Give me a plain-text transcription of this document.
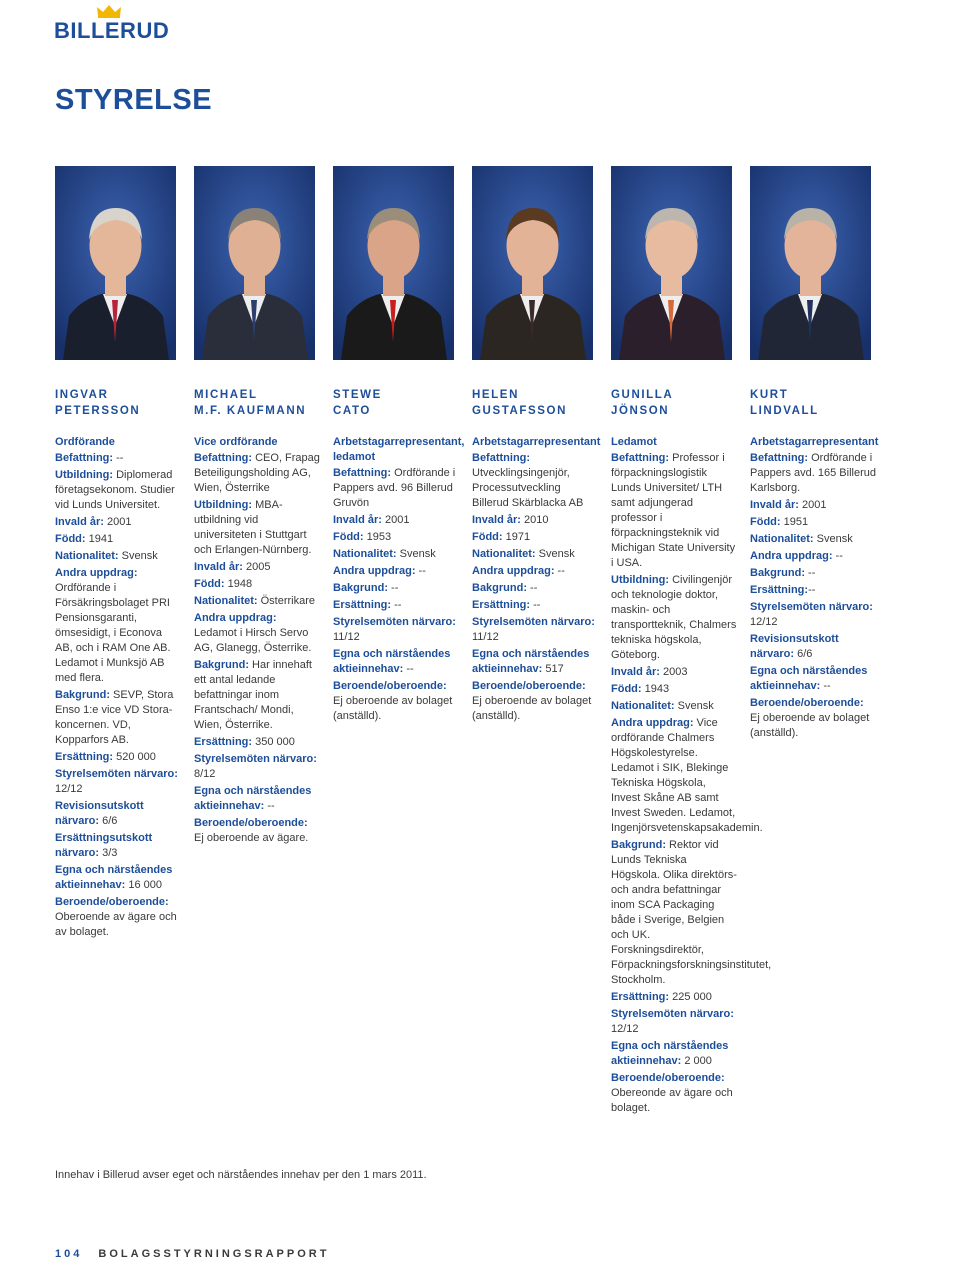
BILLERUD
STYRELSE
INGVAR
PETERSSON
Ordförande
Befattning: --
Utbildning: Diplomerad företagsekonom. Studier vid Lunds Universitet.
Invald år: 2001
Född: 1941
Nationalitet: Svensk
Andra uppdrag: Ordförande i Försäkringsbolaget PRI Pensionsgaranti, ömsesidigt, i Econova AB, och i RAM One AB. Ledamot i Munksjö AB med flera.
Bakgrund: SEVP, Stora Enso 1:e vice VD Stora-koncernen. VD, Kopparfors AB.
Ersättning: 520 000
Styrelsemöten närvaro: 12/12
Revisionsutskott närvaro: 6/6
Ersättningsutskott närvaro: 3/3
Egna och närståendes aktieinnehav: 16 000
Beroende/oberoende: Oberoende av ägare och av bolaget.
MICHAEL
M.F. KAUFMANN
Vice ordförande
Befattning: CEO, Frapag Beteiligungsholding AG, Wien, Österrike
Utbildning: MBA-utbildning vid universiteten i Stuttgart och Erlangen-Nürnberg.
Invald år: 2005
Född: 1948
Nationalitet: Österrikare
Andra uppdrag: Ledamot i Hirsch Servo AG, Glanegg, Österrike.
Bakgrund: Har innehaft ett antal ledande befattningar inom Frantschach/ Mondi, Wien, Österrike.
Ersättning: 350 000
Styrelsemöten närvaro: 8/12
Egna och närståendes aktieinnehav: --
Beroende/oberoende: Ej oberoende av ägare.
STEWE
CATO
Arbetstagarrepresentant, ledamot
Befattning: Ordförande i Pappers avd. 96 Billerud Gruvön
Invald år: 2001
Född: 1953
Nationalitet: Svensk
Andra uppdrag: --
Bakgrund: --
Ersättning: --
Styrelsemöten närvaro: 11/12
Egna och närståendes aktieinnehav: --
Beroende/oberoende: Ej oberoende av bolaget (anställd).
HELEN
GUSTAFSSON
Arbetstagarrepresentant
Befattning: Utvecklingsingenjör, Processutveckling Billerud Skärblacka AB
Invald år: 2010
Född: 1971
Nationalitet: Svensk
Andra uppdrag: --
Bakgrund: --
Ersättning: --
Styrelsemöten närvaro: 11/12
Egna och närståendes aktieinnehav: 517
Beroende/oberoende: Ej oberoende av bolaget (anställd).
GUNILLA
JÖNSON
Ledamot
Befattning: Professor i förpackningslogistik Lunds Universitet/ LTH samt adjungerad professor i förpackningsteknik vid Michigan State University i USA.
Utbildning: Civilingenjör och teknologie doktor, maskin- och transportteknik, Chalmers tekniska högskola, Göteborg.
Invald år: 2003
Född: 1943
Nationalitet: Svensk
Andra uppdrag: Vice ordförande Chalmers Högskolestyrelse. Ledamot i SIK, Blekinge Tekniska Högskola, Invest Skåne AB samt Invest Sweden. Ledamot, Ingenjörsvetenskapsakademin.
Bakgrund: Rektor vid Lunds Tekniska Högskola. Olika direktörs- och andra befattningar inom SCA Packaging både i Sverige, Belgien och UK. Forskningsdirektör, Förpackningsforskningsinstitutet, Stockholm.
Ersättning: 225 000
Styrelsemöten närvaro: 12/12
Egna och närståendes aktieinnehav: 2 000
Beroende/oberoende: Obereonde av ägare och bolaget.
KURT
LINDVALL
Arbetstagarrepresentant
Befattning: Ordförande i Pappers avd. 165 Billerud Karlsborg.
Invald år: 2001
Född: 1951
Nationalitet: Svensk
Andra uppdrag: --
Bakgrund: --
Ersättning:--
Styrelsemöten närvaro: 12/12
Revisionsutskott närvaro: 6/6
Egna och närståendes aktieinnehav: --
Beroende/oberoende: Ej oberoende av bolaget (anställd).
Innehav i Billerud avser eget och närståendes innehav per den 1 mars 2011.
104 BOLAGSSTYRNINGSRAPPORT
